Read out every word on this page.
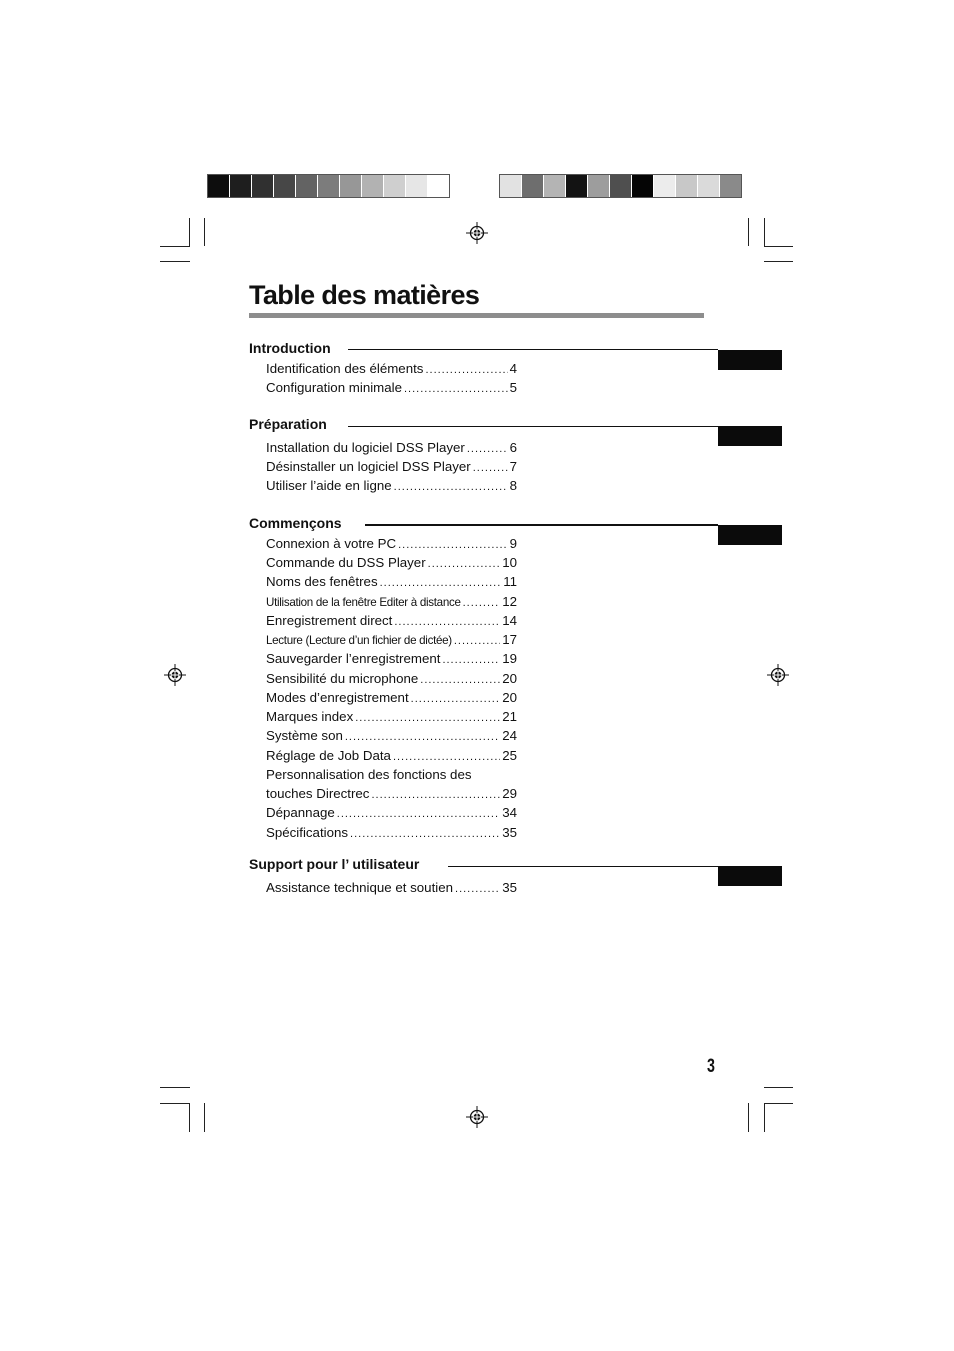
Table des matières
Introduction
Identification des éléments .....	4
Configuration minimale .....	5
Préparation
Installation du logiciel DSS Player .....	6
Désinstaller un logiciel DSS Player .....	7
Utiliser l’aide en ligne .....	8
Commençons
Connexion à votre PC .....	9
Commande du DSS Player .....	10
Noms des fenêtres .....	11
Utilisation de la fenêtre Editer à distance .....	12
Enregistrement direct .....	14
Lecture (Lecture d’un fichier de dictée) .....	17
Sauvegarder l’enregistrement .....	19
Sensibilité du microphone .....	20
Modes d’enregistrement .....	20
Marques index .....	21
Système son .....	24
Réglage de Job Data .....	25
Personnalisation des fonctions des
touches Directrec .....	29
Dépannage .....	34
Spécifications .....	35
Support pour l’ utilisateur
Assistance technique et soutien .....	35
3
